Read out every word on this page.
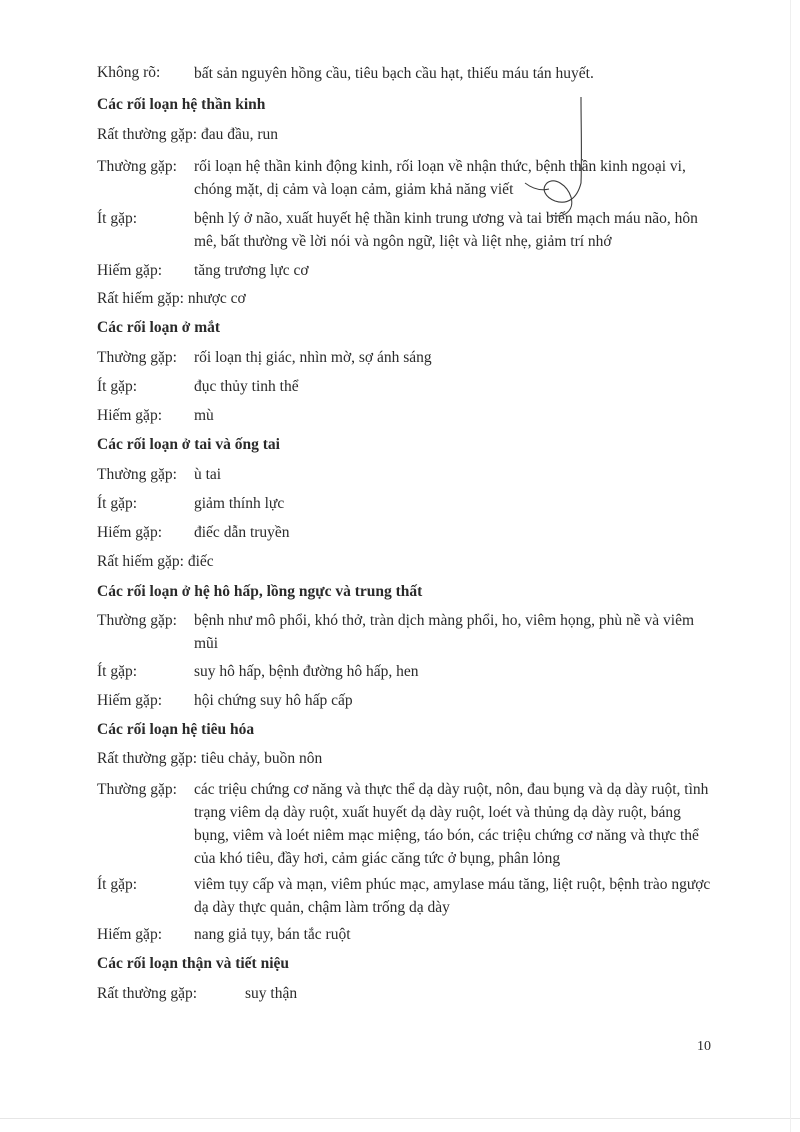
Không rõ: bất sản nguyên hồng cầu, tiêu bạch cầu hạt, thiếu máu tán huyết.
Các rối loạn hệ thần kinh
Rất thường gặp: đau đầu, run
Thường gặp: rối loạn hệ thần kinh động kinh, rối loạn về nhận thức, bệnh thần kinh ngoại vi, chóng mặt, dị cảm và loạn cảm, giảm khả năng viết
Ít gặp:	bệnh lý ở não, xuất huyết hệ thần kinh trung ương và tai biến mạch máu não, hôn mê, bất thường về lời nói và ngôn ngữ, liệt và liệt nhẹ, giảm trí nhớ
Hiếm gặp: tăng trương lực cơ
Rất hiếm gặp: nhược cơ
Các rối loạn ở mắt
Thường gặp: rối loạn thị giác, nhìn mờ, sợ ánh sáng
Ít gặp:	đục thủy tinh thể
Hiếm gặp: mù
Các rối loạn ở tai và ống tai
Thường gặp: ù tai
Ít gặp:	giảm thính lực
Hiếm gặp: điếc dẫn truyền
Rất hiếm gặp: điếc
Các rối loạn ở hệ hô hấp, lồng ngực và trung thất
Thường gặp: bệnh như mô phổi, khó thở, tràn dịch màng phổi, ho, viêm họng, phù nề và viêm mũi
Ít gặp:	suy hô hấp, bệnh đường hô hấp, hen
Hiếm gặp: hội chứng suy hô hấp cấp
Các rối loạn hệ tiêu hóa
Rất thường gặp: tiêu chảy, buồn nôn
Thường gặp: các triệu chứng cơ năng và thực thể dạ dày ruột, nôn, đau bụng và dạ dày ruột, tình trạng viêm dạ dày ruột, xuất huyết dạ dày ruột, loét và thủng dạ dày ruột, báng bụng, viêm và loét niêm mạc miệng, táo bón, các triệu chứng cơ năng và thực thể của khó tiêu, đầy hơi, cảm giác căng tức ở bụng, phân lỏng
Ít gặp:	viêm tụy cấp và mạn, viêm phúc mạc, amylase máu tăng, liệt ruột, bệnh trào ngược dạ dày thực quản, chậm làm trống dạ dày
Hiếm gặp: nang giả tụy, bán tắc ruột
Các rối loạn thận và tiết niệu
Rất thường gặp:	suy thận
10
